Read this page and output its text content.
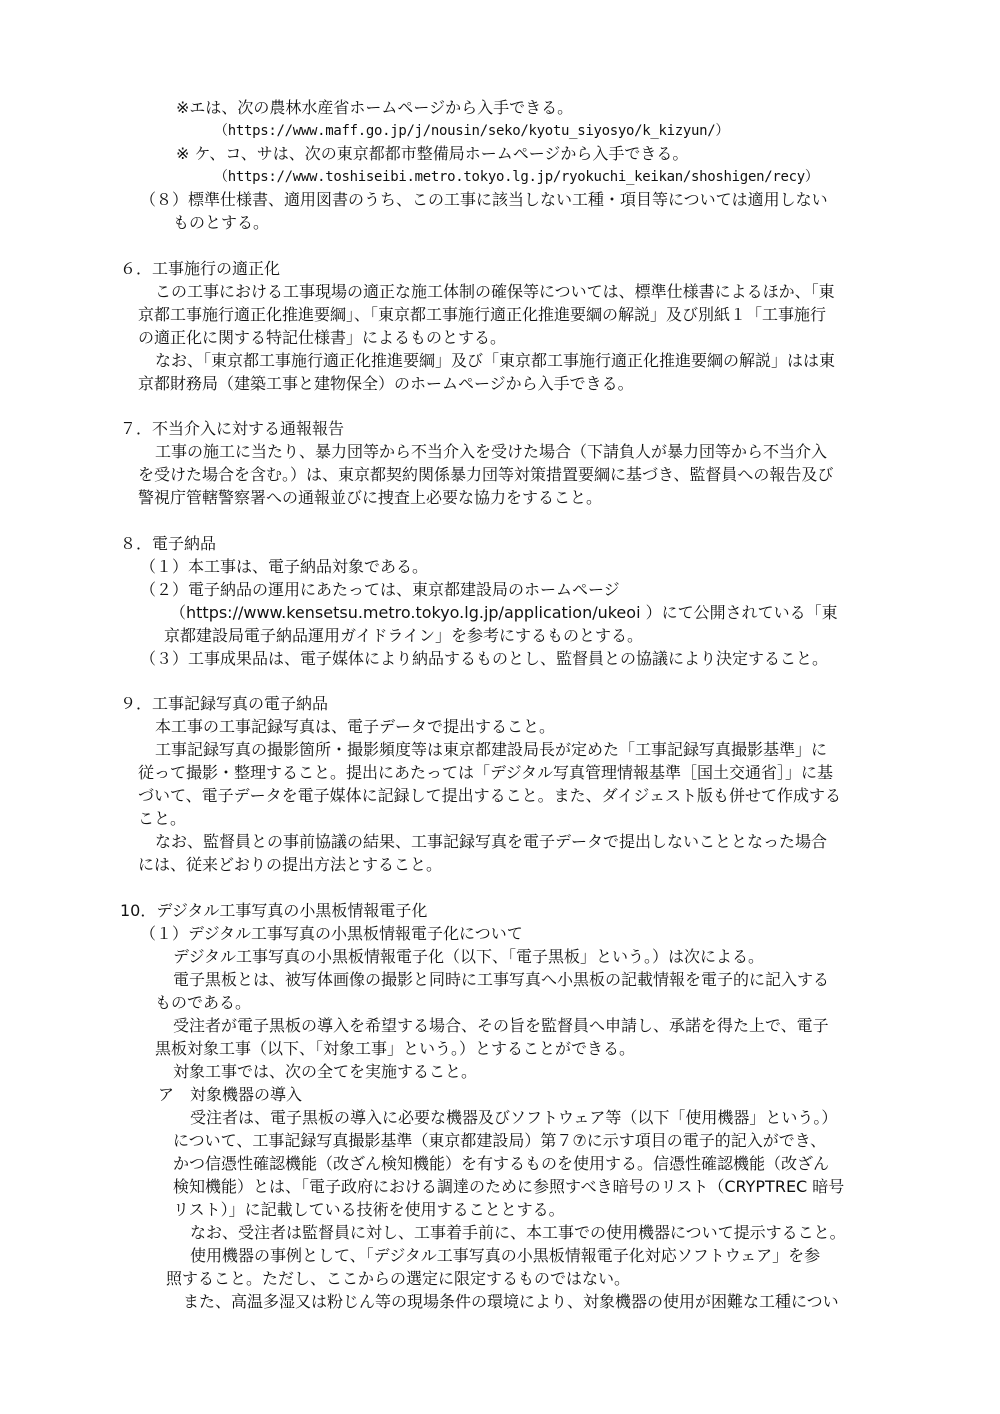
※エは、次の農林水産省ホームページから入手できる。
（https://www.maff.go.jp/j/nousin/seko/kyotu_siyosyo/k_kizyun/）
※ ケ、コ、サは、次の東京都都市整備局ホームページから入手できる。
（https://www.toshiseibi.metro.tokyo.lg.jp/ryokuchi_keikan/shoshigen/recy）
（８）標準仕様書、適用図書のうち、この工事に該当しない工種・項目等については適用しない
ものとする。
６．工事施行の適正化
この工事における工事現場の適正な施工体制の確保等については、標準仕様書によるほか、「東
京都工事施行適正化推進要綱」、「東京都工事施行適正化推進要綱の解説」及び別紙１「工事施行
の適正化に関する特記仕様書」によるものとする。
なお、「東京都工事施行適正化推進要綱」及び「東京都工事施行適正化推進要綱の解説」はは東
京都財務局（建築工事と建物保全）のホームページから入手できる。
７．不当介入に対する通報報告
工事の施工に当たり、暴力団等から不当介入を受けた場合（下請負人が暴力団等から不当介入
を受けた場合を含む。）は、東京都契約関係暴力団等対策措置要綱に基づき、監督員への報告及び
警視庁管轄警察署への通報並びに捜査上必要な協力をすること。
８．電子納品
（１）本工事は、電子納品対象である。
（２）電子納品の運用にあたっては、東京都建設局のホームページ
（https://www.kensetsu.metro.tokyo.lg.jp/application/ukeoi ）にて公開されている「東
京都建設局電子納品運用ガイドライン」を参考にするものとする。
（３）工事成果品は、電子媒体により納品するものとし、監督員との協議により決定すること。
９．工事記録写真の電子納品
本工事の工事記録写真は、電子データで提出すること。
工事記録写真の撮影箇所・撮影頻度等は東京都建設局長が定めた「工事記録写真撮影基準」に
従って撮影・整理すること。提出にあたっては「デジタル写真管理情報基準［国土交通省］」に基
づいて、電子データを電子媒体に記録して提出すること。また、ダイジェスト版も併せて作成する
こと。
なお、監督員との事前協議の結果、工事記録写真を電子データで提出しないこととなった場合
には、従来どおりの提出方法とすること。
10．デジタル工事写真の小黒板情報電子化
（１）デジタル工事写真の小黒板情報電子化について
デジタル工事写真の小黒板情報電子化（以下、「電子黒板」という。）は次による。
電子黒板とは、被写体画像の撮影と同時に工事写真へ小黒板の記載情報を電子的に記入する
ものである。
受注者が電子黒板の導入を希望する場合、その旨を監督員へ申請し、承諾を得た上で、電子
黒板対象工事（以下、「対象工事」という。）とすることができる。
対象工事では、次の全てを実施すること。
ア　対象機器の導入
受注者は、電子黒板の導入に必要な機器及びソフトウェア等（以下「使用機器」という。）
について、工事記録写真撮影基準（東京都建設局）第７⑦に示す項目の電子的記入ができ、
かつ信憑性確認機能（改ざん検知機能）を有するものを使用する。信憑性確認機能（改ざん
検知機能）とは、「電子政府における調達のために参照すべき暗号のリスト（CRYPTREC 暗号
リスト）」に記載している技術を使用することとする。
なお、受注者は監督員に対し、工事着手前に、本工事での使用機器について提示すること。
使用機器の事例として、「デジタル工事写真の小黒板情報電子化対応ソフトウェア」を参
照すること。ただし、ここからの選定に限定するものではない。
また、高温多湿又は粉じん等の現場条件の環境により、対象機器の使用が困難な工種につい
